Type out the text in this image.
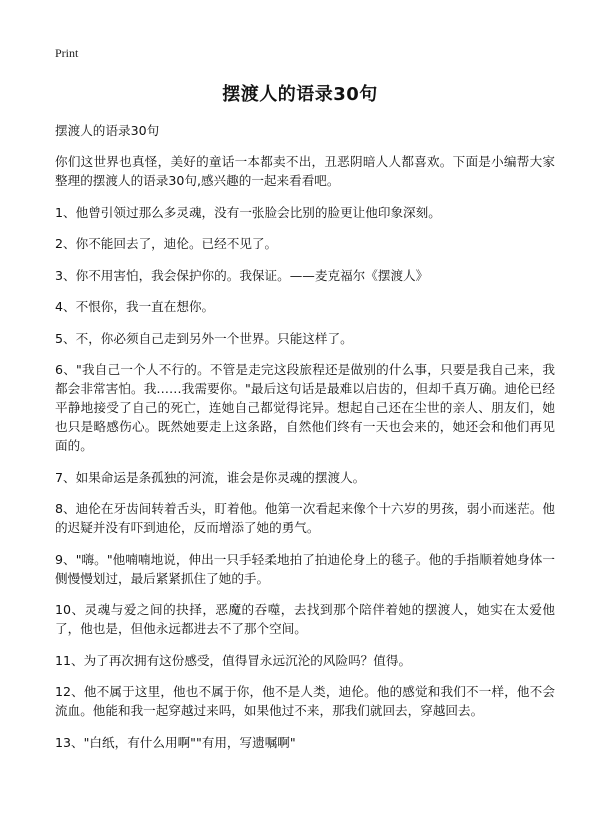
Print
摆渡人的语录30句

摆渡人的语录30句

你们这世界也真怪，美好的童话一本都卖不出，丑恶阴暗人人都喜欢。下面是小编帮大家整理的摆渡人的语录30句,感兴趣的一起来看看吧。

1、他曾引领过那么多灵魂，没有一张脸会比别的脸更让他印象深刻。

2、你不能回去了，迪伦。已经不见了。

3、你不用害怕，我会保护你的。我保证。——麦克福尔《摆渡人》

4、不恨你，我一直在想你。

5、不，你必须自己走到另外一个世界。只能这样了。

6、"我自己一个人不行的。不管是走完这段旅程还是做别的什么事，只要是我自己来，我都会非常害怕。我……我需要你。"最后这句话是最难以启齿的，但却千真万确。迪伦已经平静地接受了自己的死亡，连她自己都觉得诧异。想起自己还在尘世的亲人、朋友们，她也只是略感伤心。既然她要走上这条路，自然他们终有一天也会来的，她还会和他们再见面的。

7、如果命运是条孤独的河流，谁会是你灵魂的摆渡人。

8、迪伦在牙齿间转着舌头，盯着他。他第一次看起来像个十六岁的男孩，弱小而迷茫。他的迟疑并没有吓到迪伦，反而增添了她的勇气。

9、"嗨。"他喃喃地说，伸出一只手轻柔地拍了拍迪伦身上的毯子。他的手指顺着她身体一侧慢慢划过，最后紧紧抓住了她的手。

10、灵魂与爱之间的抉择，恶魔的吞噬，去找到那个陪伴着她的摆渡人，她实在太爱他了，他也是，但他永远都进去不了那个空间。

11、为了再次拥有这份感受，值得冒永远沉沦的风险吗？值得。

12、他不属于这里，他也不属于你，他不是人类，迪伦。他的感觉和我们不一样，他不会流血。他能和我一起穿越过来吗，如果他过不来，那我们就回去，穿越回去。

13、"白纸，有什么用啊""有用，写遗嘱啊"
